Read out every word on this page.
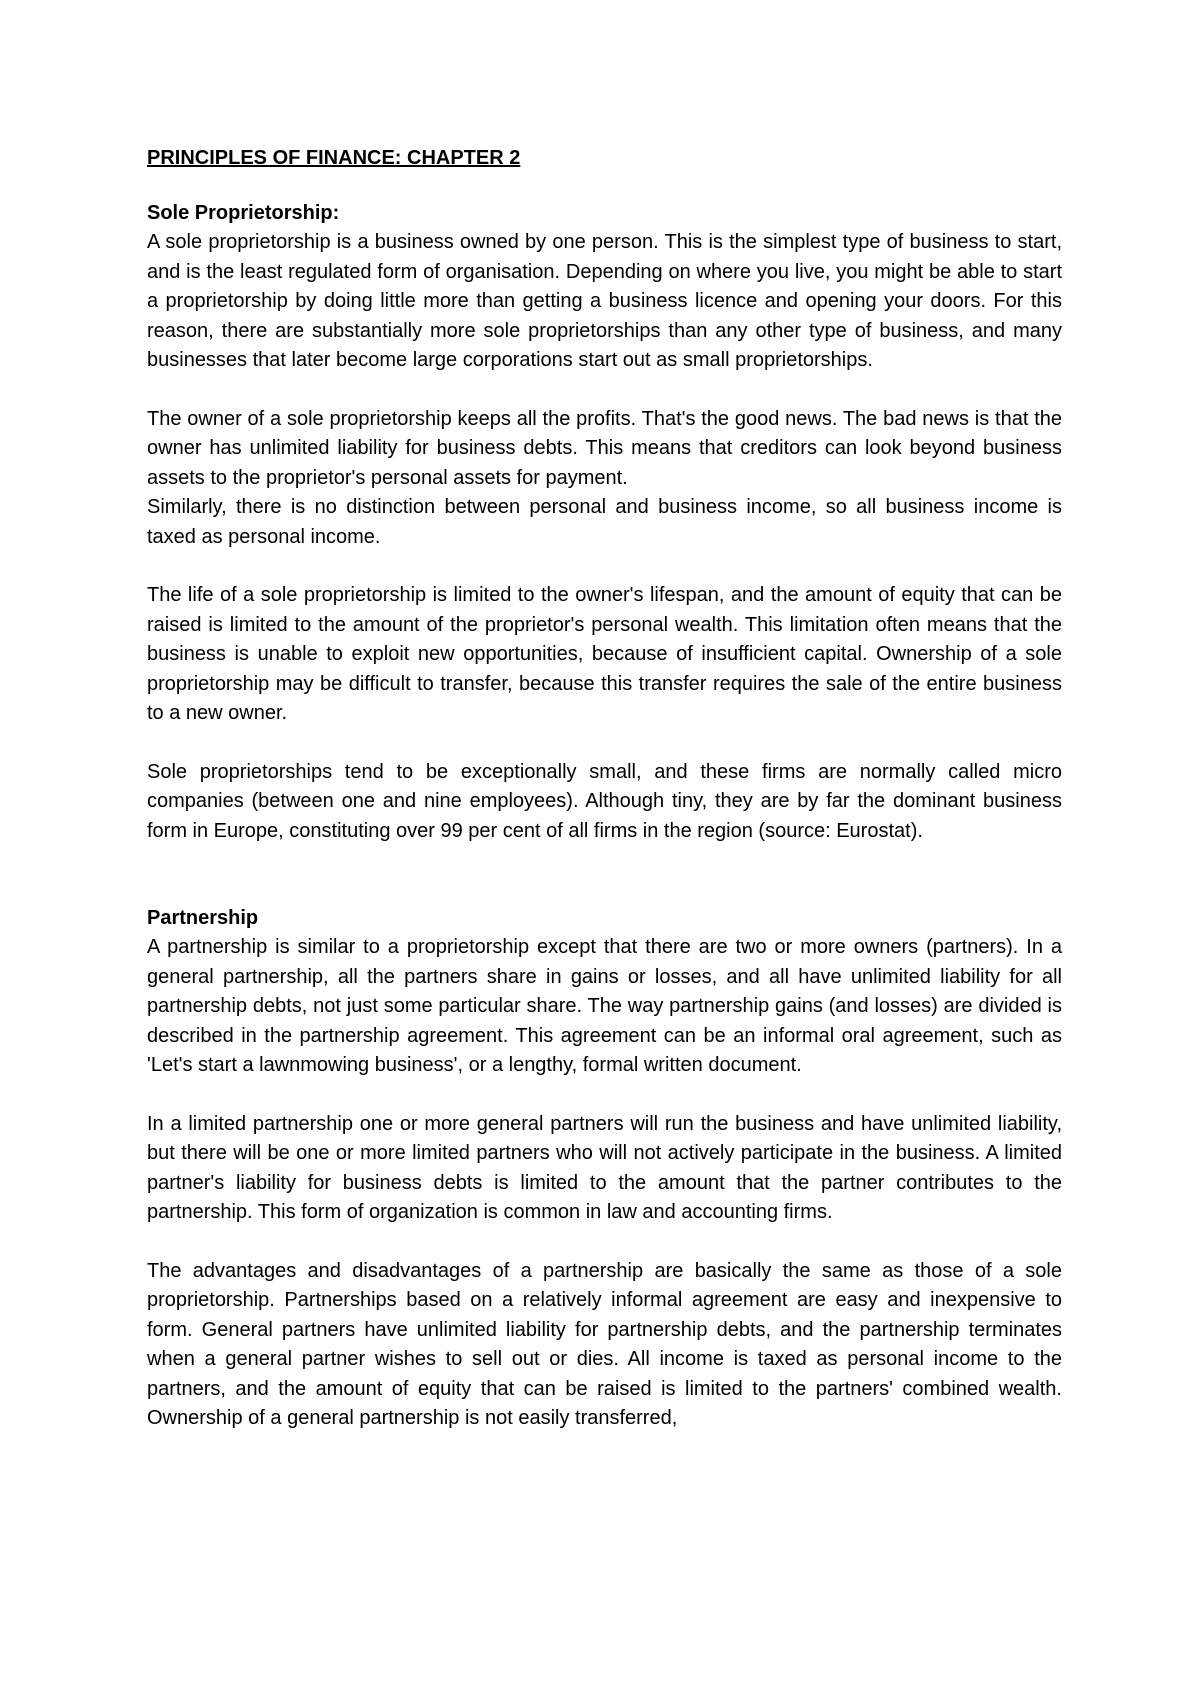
PRINCIPLES OF FINANCE: CHAPTER 2
Sole Proprietorship:

A sole proprietorship is a business owned by one person. This is the simplest type of business to start, and is the least regulated form of organisation. Depending on where you live, you might be able to start a proprietorship by doing little more than getting a business licence and opening your doors. For this reason, there are substantially more sole proprietorships than any other type of business, and many businesses that later become large corporations start out as small proprietorships.

The owner of a sole proprietorship keeps all the profits. That's the good news. The bad news is that the owner has unlimited liability for business debts. This means that creditors can look beyond business assets to the proprietor's personal assets for payment.

Similarly, there is no distinction between personal and business income, so all business income is taxed as personal income.

The life of a sole proprietorship is limited to the owner's lifespan, and the amount of equity that can be raised is limited to the amount of the proprietor's personal wealth. This limitation often means that the business is unable to exploit new opportunities, because of insufficient capital. Ownership of a sole proprietorship may be difficult to transfer, because this transfer requires the sale of the entire business to a new owner.

Sole proprietorships tend to be exceptionally small, and these firms are normally called micro companies (between one and nine employees). Although tiny, they are by far the dominant business form in Europe, constituting over 99 per cent of all firms in the region (source: Eurostat).

Partnership

A partnership is similar to a proprietorship except that there are two or more owners (partners). In a general partnership, all the partners share in gains or losses, and all have unlimited liability for all partnership debts, not just some particular share. The way partnership gains (and losses) are divided is described in the partnership agreement. This agreement can be an informal oral agreement, such as 'Let's start a lawnmowing business', or a lengthy, formal written document.

In a limited partnership one or more general partners will run the business and have unlimited liability, but there will be one or more limited partners who will not actively participate in the business. A limited partner's liability for business debts is limited to the amount that the partner contributes to the partnership. This form of organization is common in law and accounting firms.

The advantages and disadvantages of a partnership are basically the same as those of a sole proprietorship. Partnerships based on a relatively informal agreement are easy and inexpensive to form. General partners have unlimited liability for partnership debts, and the partnership terminates when a general partner wishes to sell out or dies. All income is taxed as personal income to the partners, and the amount of equity that can be raised is limited to the partners' combined wealth. Ownership of a general partnership is not easily transferred,
